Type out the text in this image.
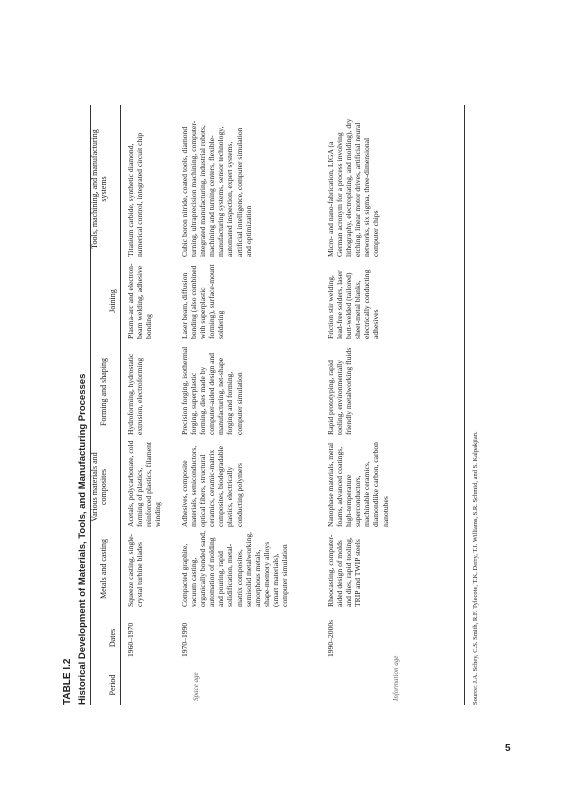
TABLE I.2 Historical Development of Materials, Tools, and Manufacturing Processes	Period
Dates
Metals and casting
Various materials and composites
Forming and shaping
Joining
Tools, machining, and manufacturing systems
Space age	Information age
1960–1970
Squeeze casting, single-crystal turbine blades
Acetals, polycarbonate, cold forming of plastics, reinforced plastics, filament winding
Hydroforming, hydrostatic extrusion, electroforming
Plasma-arc and electron-beam welding, adhesive bonding
Titanium carbide, synthetic diamond, numerical control, integrated circuit chip
1970–1990
Compacted graphite, vacuum casting, organically bonded sand, automation of molding and pouring, rapid solidification, metal-matrix composites, semisolid metalworking, amorphous metals, shape-memory alloys (smart materials), computer simulation
Adhesives, composite materials, semiconductors, optical fibers, structural ceramics, ceramic-matrix composites, biodegradable plastics, electrically conducting polymers
Precision forging, isothermal forging, superplastic forming, dies made by computer-aided design and manufacturing, net-shape forging and forming, computer simulation
Laser beam, diffusion bonding (also combined with superplastic forming), surface-mount soldering
Cubic boron nitride, coated tools, diamond turning, ultraprecision machining, computer-integrated manufacturing, industrial robots, machining and turning centers, flexible-manufacturing systems, sensor technology, automated inspection, expert systems, artificial intelligence, computer simulation and optimization
1990–2000s
Rheocasting, computer-aided design of molds and dies, rapid tooling, TRIP and TWIP steels
Nanophase materials, metal foams, advanced coatings, high-temperature superconductors, machinable ceramics, diamondlike carbon, carbon nanotubes
Rapid prototyping, rapid tooling, environmentally friendly metalworking fluids
Friction stir welding, lead-free solders, laser butt-welded (tailored) sheet-metal blanks, electrically conducting adhesives
Micro- and nano-fabrication, LIGA (a German acronym for a process involving lithography, electroplating, and molding), dry etching, linear motor drives, artificial neural networks, six sigma, three-dimensional computer chips
Source: J.A. Schey, C.S. Smith, R.F. Tylecote, T.K. Derry, T.I. Williams, S.R. Schmid, and S. Kalpakjian.
5
